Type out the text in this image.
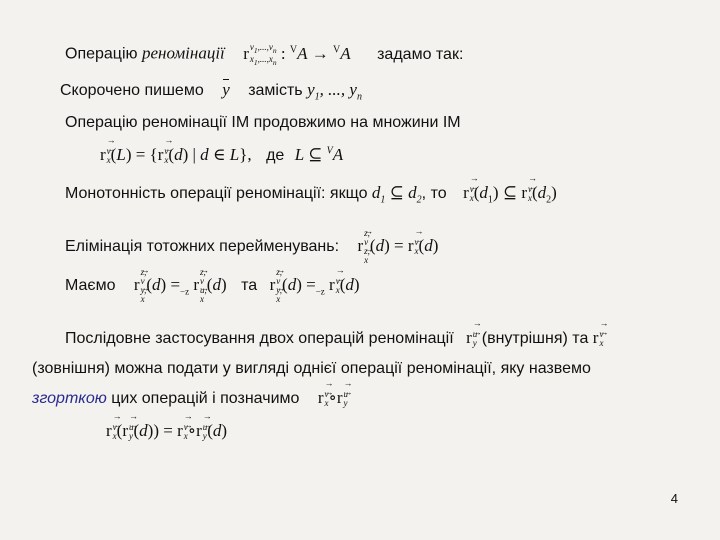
Операцію реномінації r $v_1,...,v_n$
$x_1,...,x_n$ : $^V$A → $^V$A задамо так:
Скорочено пишемо y замість $y_1$, ..., $y_n$
Операцію реномінації ІМ продовжимо на множини ІМ
r v →
x → (L) = {r v →
x → (d) | d ∈ L}, де L ⊆ $^V$A
Монотонність операції реномінації: якщо $d_1$ ⊆ $d_2$, то r v →
$x \to (d_1)$ ⊆ r v →
$x \to (d_2)$
Елімінація тотожних перейменувань: r
z,
v →
z,
x →
(d) = r v →
x → (d)
Маємо r
z,
v →
y,
x →
$(d) =_{-z}$ r
z,
v →
u,
x →
(d) та r
z,
v →
y,
x →
$(d) =_{-z}$ r v →
x → (d)
Послідовне застосування двох операцій реномінації r u →
y → (внутрішня) та r v →
x →
(зовнішня) можна подати у вигляді однієї операції реномінації, яку назвемо
згорткою цих операцій і позначимо r v →
x → ∘r u →
y →
r v →
x → (r u →
y → (d)) = r v →
x → ∘r u →
y → (d)
4
